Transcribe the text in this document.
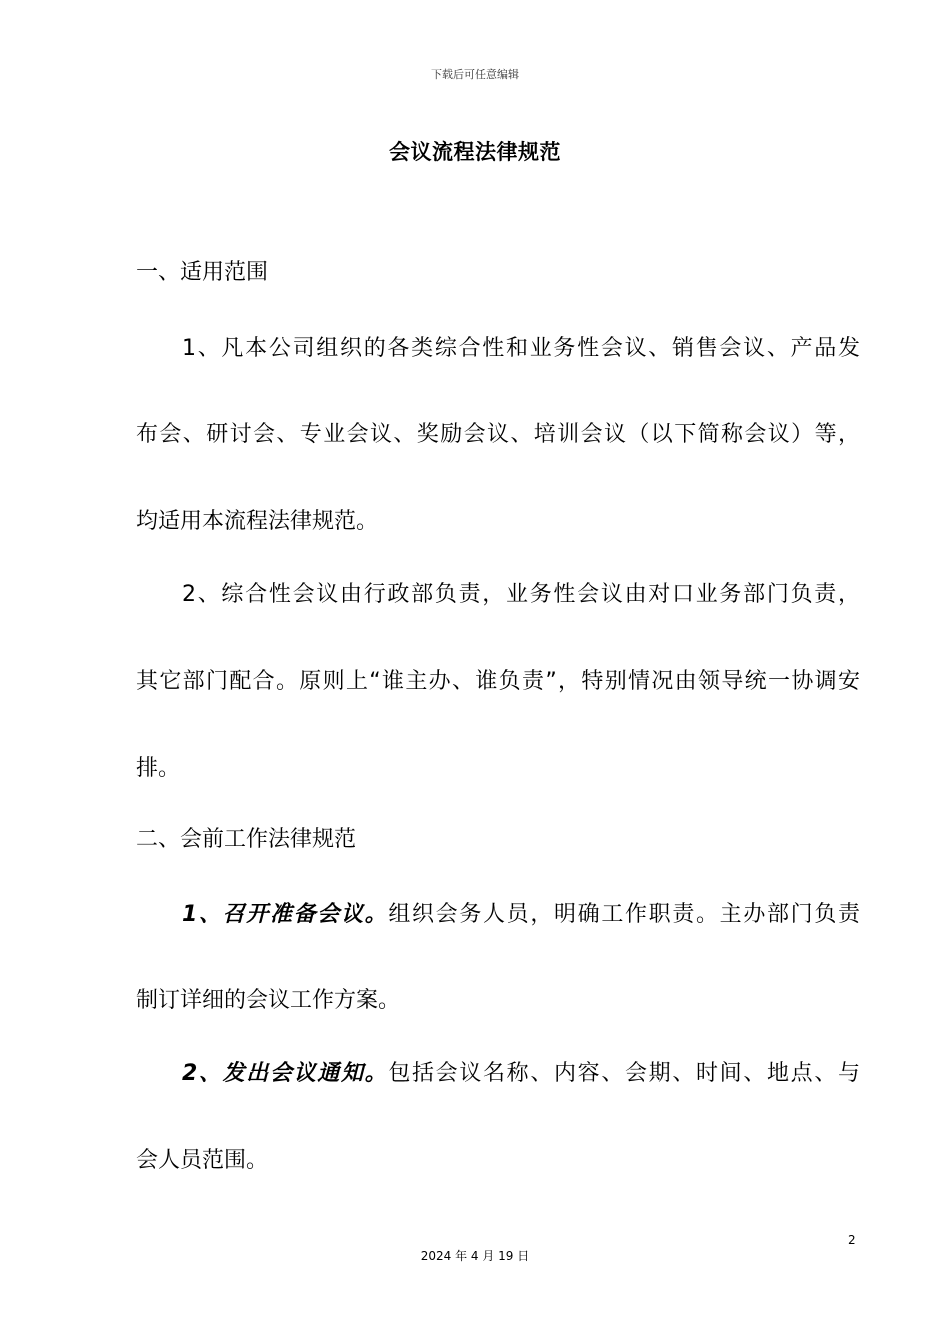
下载后可任意编辑
会议流程法律规范
一、适用范围
1、凡本公司组织的各类综合性和业务性会议、销售会议、产品发
布会、研讨会、专业会议、奖励会议、培训会议（以下简称会议）等，
均适用本流程法律规范。
2、综合性会议由行政部负责，业务性会议由对口业务部门负责，
其它部门配合。原则上“谁主办、谁负责”，特别情况由领导统一协调安
排。
二、会前工作法律规范
1、召开准备会议。组织会务人员，明确工作职责。主办部门负责
制订详细的会议工作方案。
2、发出会议通知。包括会议名称、内容、会期、时间、地点、与
会人员范围。
2
2024 年 4 月 19 日
